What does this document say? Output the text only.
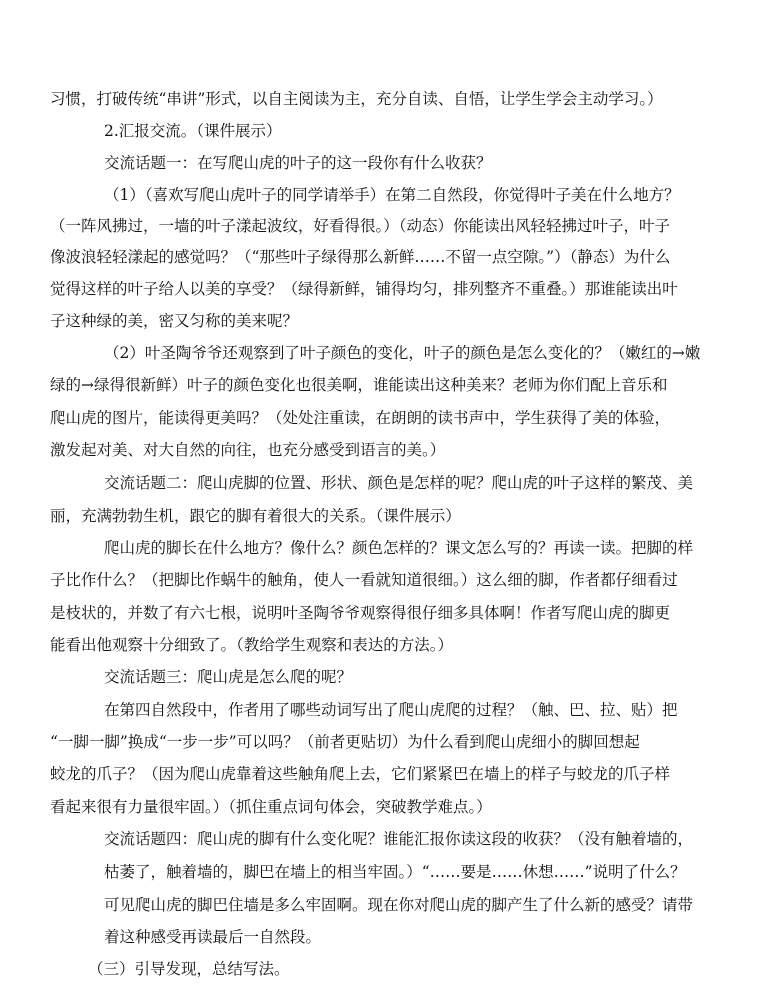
习惯，打破传统“串讲”形式，以自主阅读为主，充分自读、自悟，让学生学会主动学习。）
2.汇报交流。（课件展示）
交流话题一：在写爬山虎的叶子的这一段你有什么收获？
（1）（喜欢写爬山虎叶子的同学请举手）在第二自然段，你觉得叶子美在什么地方？
（一阵风拂过，一墙的叶子漾起波纹，好看得很。）（动态）你能读出风轻轻拂过叶子，叶子
像波浪轻轻漾起的感觉吗？（“那些叶子绿得那么新鲜……不留一点空隙。”）（静态）为什么
觉得这样的叶子给人以美的享受？（绿得新鲜，铺得均匀，排列整齐不重叠。）那谁能读出叶
子这种绿的美，密又匀称的美来呢？
（2）叶圣陶爷爷还观察到了叶子颜色的变化，叶子的颜色是怎么变化的？（嫩红的→嫩
绿的→绿得很新鲜）叶子的颜色变化也很美啊，谁能读出这种美来？老师为你们配上音乐和
爬山虎的图片，能读得更美吗？（处处注重读，在朗朗的读书声中，学生获得了美的体验，
激发起对美、对大自然的向往，也充分感受到语言的美。）
交流话题二：爬山虎脚的位置、形状、颜色是怎样的呢？爬山虎的叶子这样的繁茂、美
丽，充满勃勃生机，跟它的脚有着很大的关系。（课件展示）
爬山虎的脚长在什么地方？像什么？颜色怎样的？课文怎么写的？再读一读。把脚的样
子比作什么？（把脚比作蜗牛的触角，使人一看就知道很细。）这么细的脚，作者都仔细看过
是枝状的，并数了有六七根，说明叶圣陶爷爷观察得很仔细多具体啊！作者写爬山虎的脚更
能看出他观察十分细致了。（教给学生观察和表达的方法。）
交流话题三：爬山虎是怎么爬的呢？
在第四自然段中，作者用了哪些动词写出了爬山虎爬的过程？（触、巴、拉、贴）把
“一脚一脚”换成“一步一步”可以吗？（前者更贴切）为什么看到爬山虎细小的脚回想起
蛟龙的爪子？（因为爬山虎靠着这些触角爬上去，它们紧紧巴在墙上的样子与蛟龙的爪子样
看起来很有力量很牢固。）（抓住重点词句体会，突破教学难点。）
交流话题四：爬山虎的脚有什么变化呢？谁能汇报你读这段的收获？（没有触着墙的，
枯萎了，触着墙的，脚巴在墙上的相当牢固。）“……要是……休想……”说明了什么？
可见爬山虎的脚巴住墙是多么牢固啊。现在你对爬山虎的脚产生了什么新的感受？请带
着这种感受再读最后一自然段。
（三）引导发现，总结写法。
